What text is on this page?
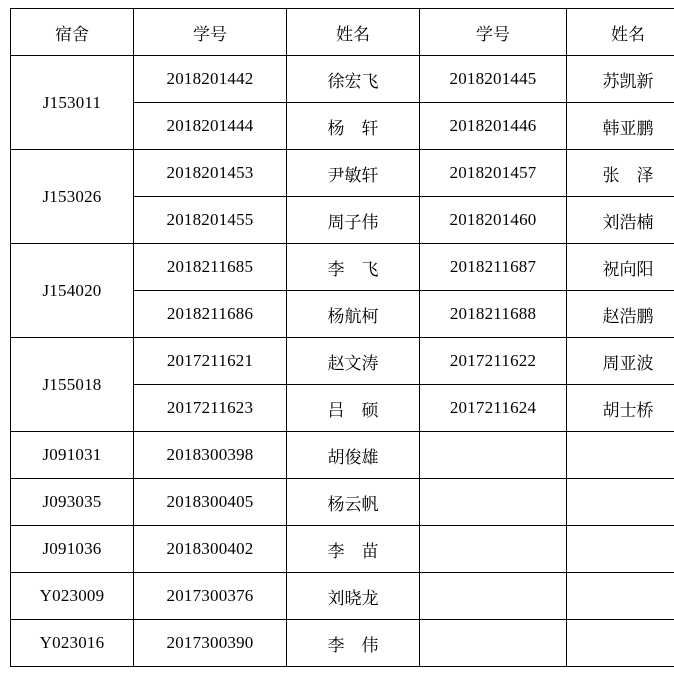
宿舍	学号	姓名	学号	姓名
J153011	2018201442	徐宏飞	2018201445	苏凯新
	2018201444	杨　轩	2018201446	韩亚鹏
J153026	2018201453	尹敏轩	2018201457	张　泽
	2018201455	周子伟	2018201460	刘浩楠
J154020	2018211685	李　飞	2018211687	祝向阳
	2018211686	杨航柯	2018211688	赵浩鹏
J155018	2017211621	赵文涛	2017211622	周亚波
	2017211623	吕　硕	2017211624	胡士桥
J091031	2018300398	胡俊雄		
J093035	2018300405	杨云帆		
J091036	2018300402	李　苗		
Y023009	2017300376	刘晓龙		
Y023016	2017300390	李　伟		
